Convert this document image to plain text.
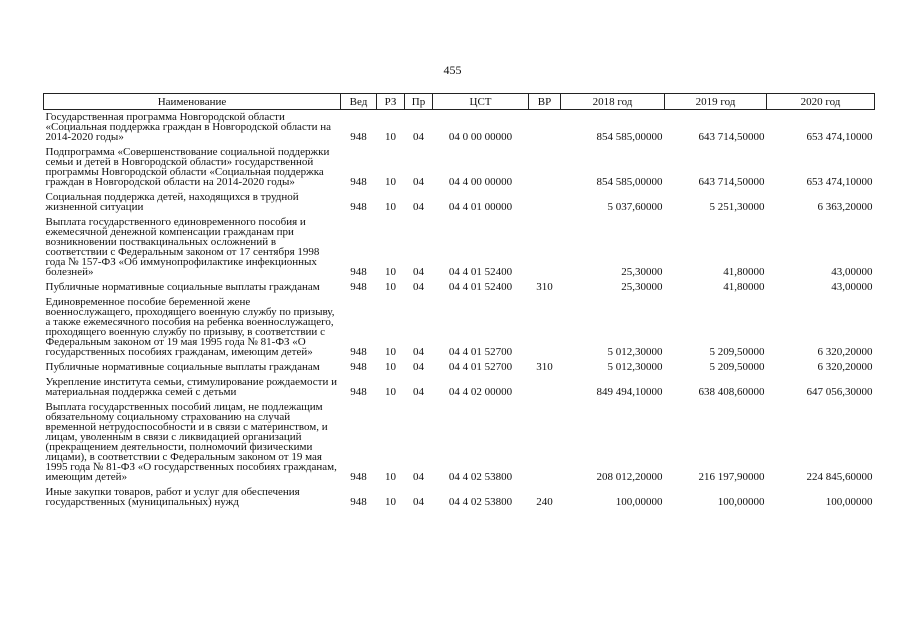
455
Наименование	Вед	РЗ	Пр	ЦСТ	ВР	2018 год	2019 год	2020 год
Государственная программа Новгородской области «Социальная поддержка граждан в Новгородской области на 2014-2020 годы»	948	10	04	04 0 00 00000		854 585,00000	643 714,50000	653 474,10000
Подпрограмма «Совершенствование социальной поддержки семьи и детей в Новгородской области» государственной программы Новгородской области «Социальная поддержка граждан в Новгородской области на 2014-2020 годы»	948	10	04	04 4 00 00000		854 585,00000	643 714,50000	653 474,10000
Социальная поддержка детей, находящихся в трудной жизненной ситуации	948	10	04	04 4 01 00000		5 037,60000	5 251,30000	6 363,20000
Выплата государственного единовременного пособия и ежемесячной денежной компенсации гражданам при возникновении поствакцинальных осложнений в соответствии с Федеральным законом от 17 сентября 1998 года № 157-ФЗ «Об иммунопрофилактике инфекционных болезней»	948	10	04	04 4 01 52400		25,30000	41,80000	43,00000
Публичные нормативные социальные выплаты гражданам	948	10	04	04 4 01 52400	310	25,30000	41,80000	43,00000
Единовременное пособие беременной жене военнослужащего, проходящего военную службу по призыву, а также ежемесячного пособия на ребенка военнослужащего, проходящего военную службу по призыву, в соответствии с Федеральным законом от 19 мая 1995 года № 81-ФЗ «О государственных пособиях гражданам, имеющим детей»	948	10	04	04 4 01 52700		5 012,30000	5 209,50000	6 320,20000
Публичные нормативные социальные выплаты гражданам	948	10	04	04 4 01 52700	310	5 012,30000	5 209,50000	6 320,20000
Укрепление института семьи, стимулирование рождаемости и материальная поддержка семей с детьми	948	10	04	04 4 02 00000		849 494,10000	638 408,60000	647 056,30000
Выплата государственных пособий лицам, не подлежащим обязательному социальному страхованию на случай временной нетрудоспособности и в связи с материнством, и лицам, уволенным в связи с ликвидацией организаций (прекращением деятельности, полномочий физическими лицами), в соответствии с Федеральным законом от 19 мая 1995 года № 81-ФЗ «О государственных пособиях гражданам, имеющим детей»	948	10	04	04 4 02 53800		208 012,20000	216 197,90000	224 845,60000
Иные закупки товаров, работ и услуг для обеспечения государственных (муниципальных) нужд	948	10	04	04 4 02 53800	240	100,00000	100,00000	100,00000
